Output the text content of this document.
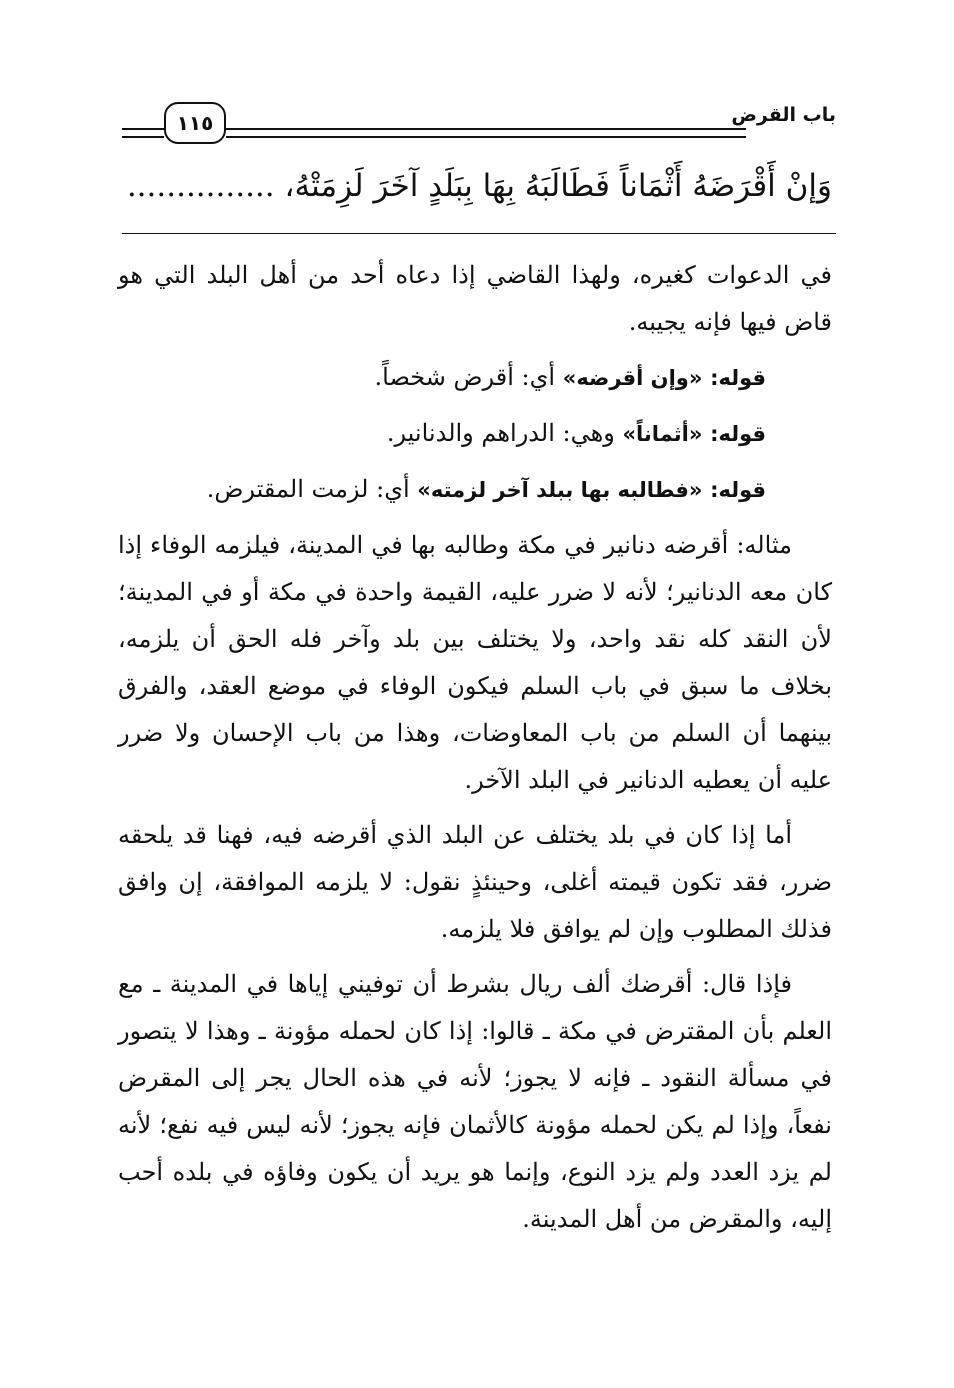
باب القرض
١١٥
وَإنْ أَقْرَضَهُ أَثْمَاناً فَطَالَبَهُ بِهَا بِبَلَدٍ آخَرَ لَزِمَتْهُ، ...............

في الدعوات كغيره، ولهذا القاضي إذا دعاه أحد من أهل البلد التي هو قاض فيها فإنه يجيبه.

قوله: «وإن أقرضه» أي: أقرض شخصاً.

قوله: «أثماناً» وهي: الدراهم والدنانير.

قوله: «فطالبه بها ببلد آخر لزمته» أي: لزمت المقترض.

مثاله: أقرضه دنانير في مكة وطالبه بها في المدينة، فيلزمه الوفاء إذا كان معه الدنانير؛ لأنه لا ضرر عليه، القيمة واحدة في مكة أو في المدينة؛ لأن النقد كله نقد واحد، ولا يختلف بين بلد وآخر فله الحق أن يلزمه، بخلاف ما سبق في باب السلم فيكون الوفاء في موضع العقد، والفرق بينهما أن السلم من باب المعاوضات، وهذا من باب الإحسان ولا ضرر عليه أن يعطيه الدنانير في البلد الآخر.

أما إذا كان في بلد يختلف عن البلد الذي أقرضه فيه، فهنا قد يلحقه ضرر، فقد تكون قيمته أغلى، وحينئذٍ نقول: لا يلزمه الموافقة، إن وافق فذلك المطلوب وإن لم يوافق فلا يلزمه.

فإذا قال: أقرضك ألف ريال بشرط أن توفيني إياها في المدينة ـ مع العلم بأن المقترض في مكة ـ قالوا: إذا كان لحمله مؤونة ـ وهذا لا يتصور في مسألة النقود ـ فإنه لا يجوز؛ لأنه في هذه الحال يجر إلى المقرض نفعاً، وإذا لم يكن لحمله مؤونة كالأثمان فإنه يجوز؛ لأنه ليس فيه نفع؛ لأنه لم يزد العدد ولم يزد النوع، وإنما هو يريد أن يكون وفاؤه في بلده أحب إليه، والمقرض من أهل المدينة.
